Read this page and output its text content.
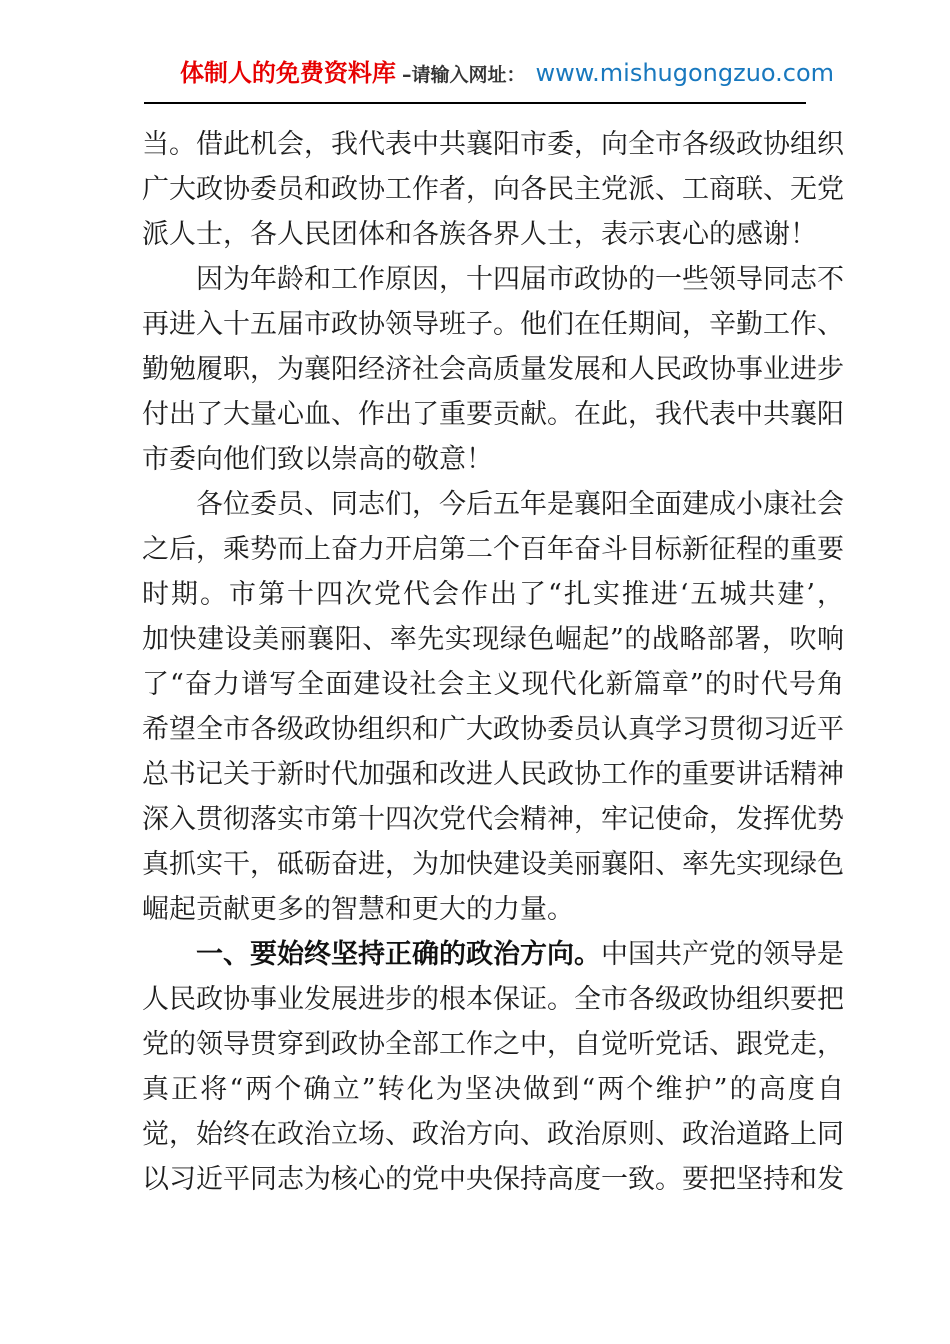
体制人的免费资料库 –请输入网址： www.mishugongzuo.com
当。借此机会，我代表中共襄阳市委，向全市各级政协组织
广大政协委员和政协工作者，向各民主党派、工商联、无党
派人士，各人民团体和各族各界人士，表示衷心的感谢！
　　因为年龄和工作原因，十四届市政协的一些领导同志不
再进入十五届市政协领导班子。他们在任期间，辛勤工作、
勤勉履职，为襄阳经济社会高质量发展和人民政协事业进步
付出了大量心血、作出了重要贡献。在此，我代表中共襄阳
市委向他们致以崇高的敬意！
　　各位委员、同志们，今后五年是襄阳全面建成小康社会
之后，乘势而上奋力开启第二个百年奋斗目标新征程的重要
时期。市第十四次党代会作出了“扎实推进‘五城共建’，
加快建设美丽襄阳、率先实现绿色崛起”的战略部署，吹响
了“奋力谱写全面建设社会主义现代化新篇章”的时代号角
希望全市各级政协组织和广大政协委员认真学习贯彻习近平
总书记关于新时代加强和改进人民政协工作的重要讲话精神
深入贯彻落实市第十四次党代会精神，牢记使命，发挥优势
真抓实干，砥砺奋进，为加快建设美丽襄阳、率先实现绿色
崛起贡献更多的智慧和更大的力量。
　　一、要始终坚持正确的政治方向。中国共产党的领导是
人民政协事业发展进步的根本保证。全市各级政协组织要把
党的领导贯穿到政协全部工作之中，自觉听党话、跟党走，
真正将“两个确立”转化为坚决做到“两个维护”的高度自
觉，始终在政治立场、政治方向、政治原则、政治道路上同
以习近平同志为核心的党中央保持高度一致。要把坚持和发
